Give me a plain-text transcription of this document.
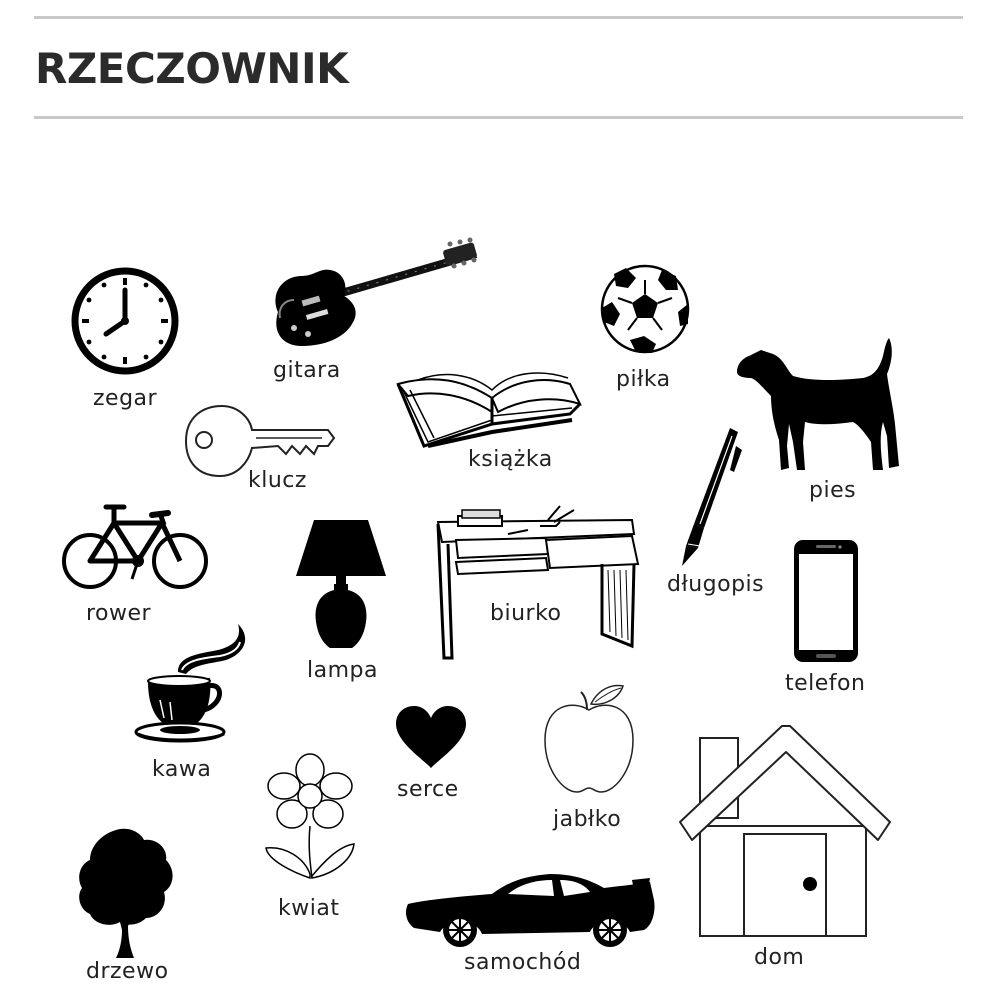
RZECZOWNIK
zegar
gitara	piłka
klucz
książka
pies
rower
lampa
biurko
długopis
telefon
kawa
serce
jabłko
kwiat
dom
drzewo	samochód
